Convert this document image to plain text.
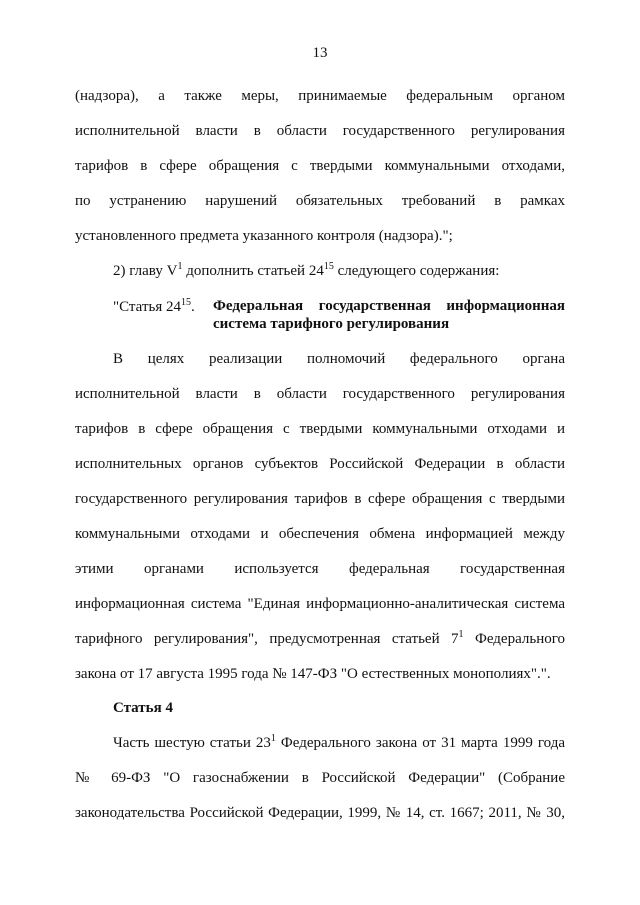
13
(надзора), а также меры, принимаемые федеральным органом
исполнительной власти в области государственного регулирования
тарифов в сфере обращения с твердыми коммунальными отходами,
по устранению нарушений обязательных требований в рамках
установленного предмета указанного контроля (надзора).";
2) главу $V^1$ дополнить статьей $24^{15}$ следующего содержания:
"Статья $24^{15}$.	Федеральная государственная информационная
система тарифного регулирования
В целях реализации полномочий федерального органа
исполнительной власти в области государственного регулирования
тарифов в сфере обращения с твердыми коммунальными отходами и
исполнительных органов субъектов Российской Федерации в области
государственного регулирования тарифов в сфере обращения с твердыми
коммунальными отходами и обеспечения обмена информацией между
этими органами используется федеральная государственная
информационная система "Единая информационно-аналитическая система
тарифного регулирования", предусмотренная статьей $7^1$ Федерального
закона от 17 августа 1995 года № 147-ФЗ "О естественных монополиях".".
Статья 4
Часть шестую статьи $23^1$ Федерального закона от 31 марта 1999 года
№ 69-ФЗ "О газоснабжении в Российской Федерации" (Собрание
законодательства Российской Федерации, 1999, № 14, ст. 1667; 2011, № 30,
